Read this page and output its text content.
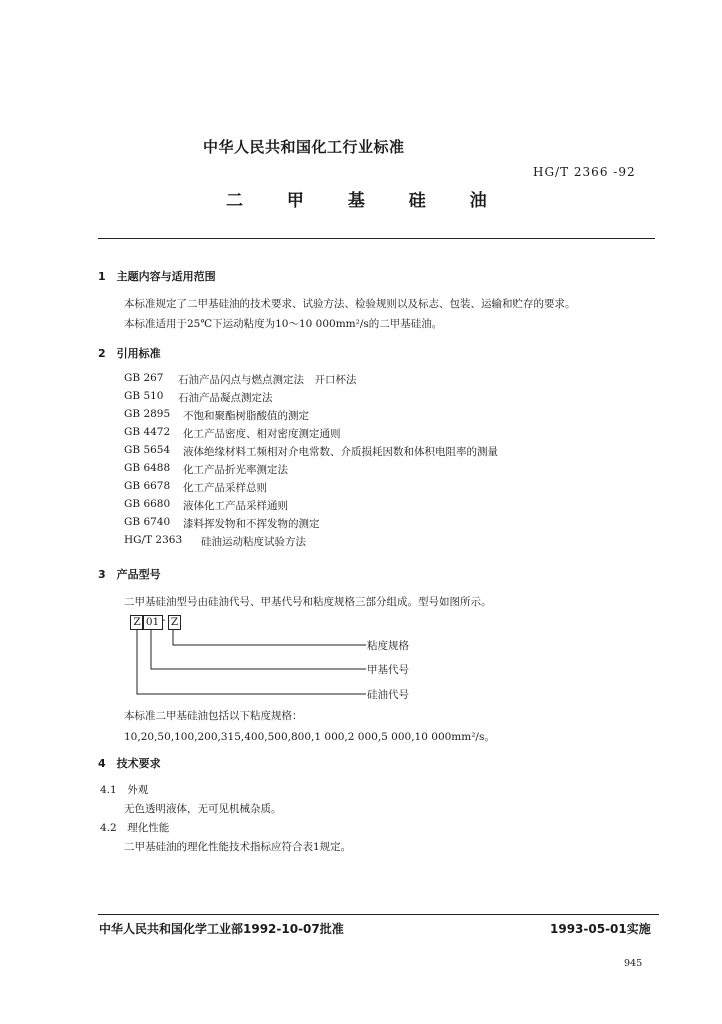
中华人民共和国化工行业标准
HG/T 2366 -92
二 甲 基 硅 油
1　主题内容与适用范围
本标准规定了二甲基硅油的技术要求、试验方法、检验规则以及标志、包装、运输和贮存的要求。
本标准适用于25℃下运动粘度为10～10 000mm²/s的二甲基硅油。
2　引用标准
GB 267 石油产品闪点与燃点测定法　开口杯法
GB 510 石油产品凝点测定法
GB 2895 不饱和聚酯树脂酸值的测定
GB 4472 化工产品密度、相对密度测定通则
GB 5654 液体绝缘材料工频相对介电常数、介质损耗因数和体积电阻率的测量
GB 6488 化工产品折光率测定法
GB 6678 化工产品采样总则
GB 6680 液体化工产品采样通则
GB 6740 漆料挥发物和不挥发物的测定
HG/T 2363 硅油运动粘度试验方法
3　产品型号
二甲基硅油型号由硅油代号、甲基代号和粘度规格三部分组成。型号如图所示。
Z 01 - Z
粘度规格
甲基代号
硅油代号
本标准二甲基硅油包括以下粘度规格：
10,20,50,100,200,315,400,500,800,1 000,2 000,5 000,10 000mm²/s。
4　技术要求
4.1　外观
无色透明液体，无可见机械杂质。
4.2　理化性能
二甲基硅油的理化性能技术指标应符合表1规定。
中华人民共和国化学工业部1992-10-07批准	1993-05-01实施
945
